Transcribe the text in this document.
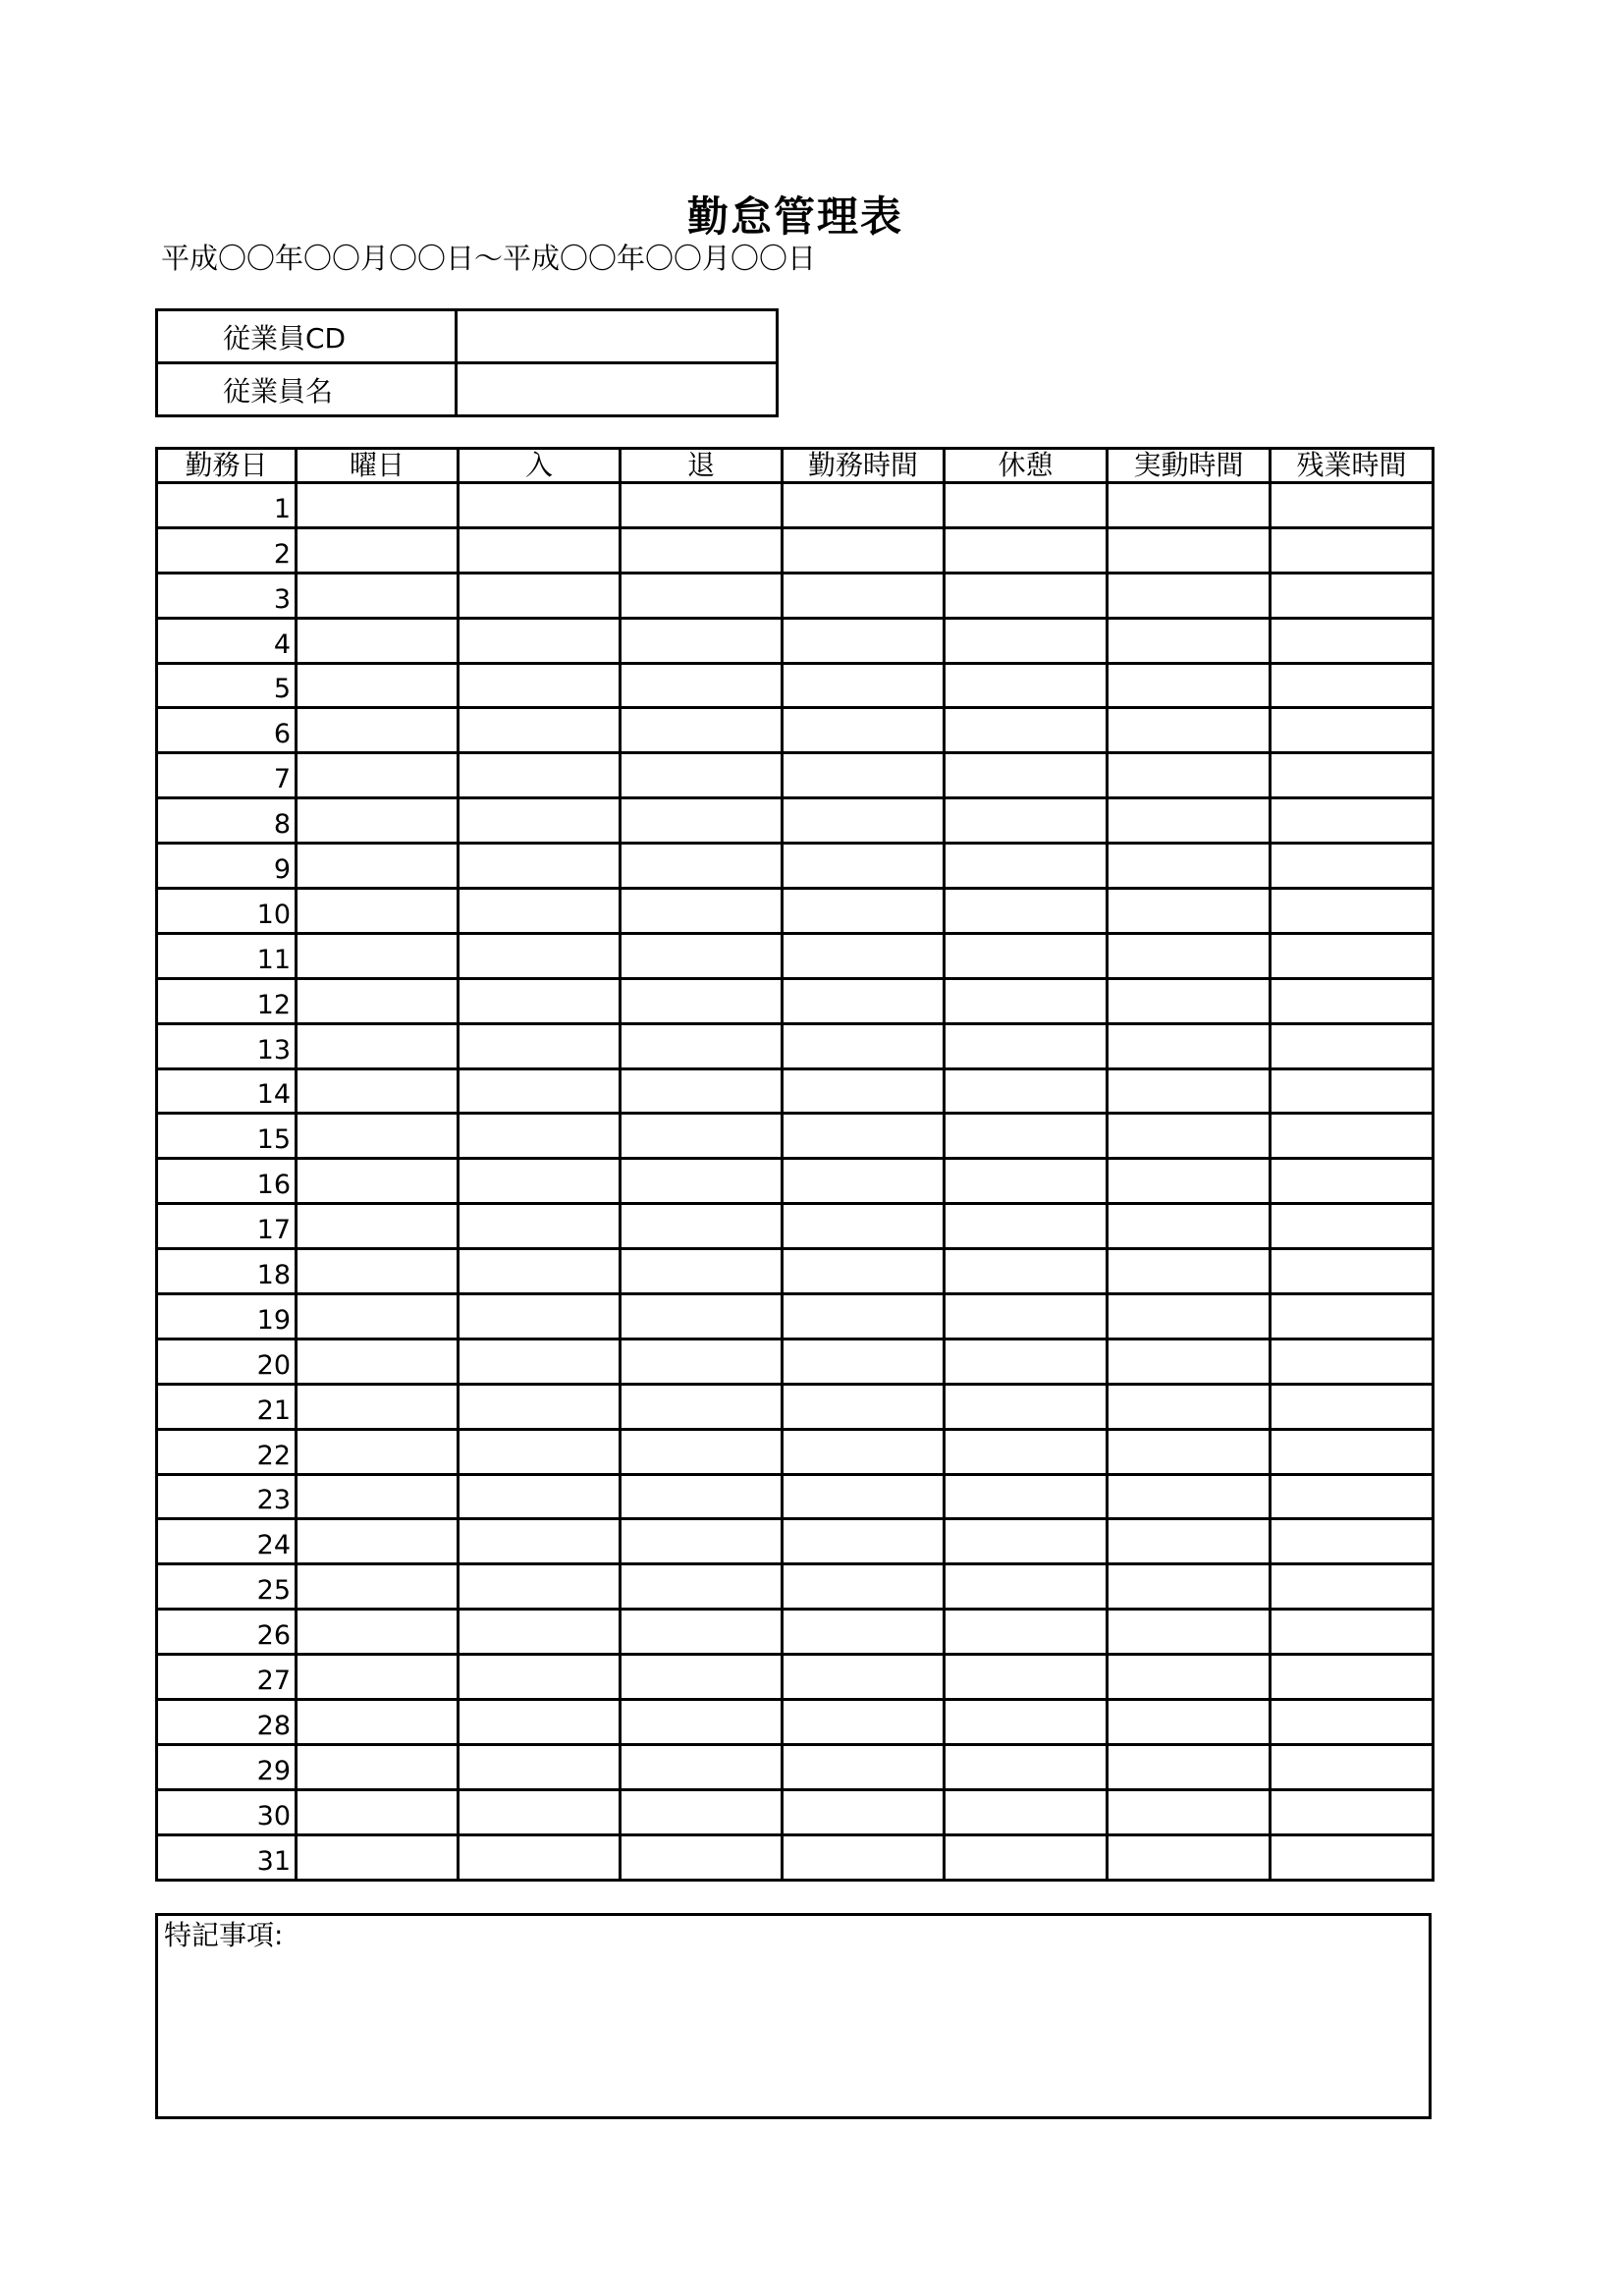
勤怠管理表
平成〇〇年〇〇月〇〇日～平成〇〇年〇〇月〇〇日
従業員CD	
従業員名	
勤務日	曜日	入	退	勤務時間	休憩	実動時間	残業時間
1							
2							
3							
4							
5							
6							
7							
8							
9							
10							
11							
12							
13							
14							
15							
16							
17							
18							
19							
20							
21							
22							
23							
24							
25							
26							
27							
28							
29							
30							
31							
特記事項:
